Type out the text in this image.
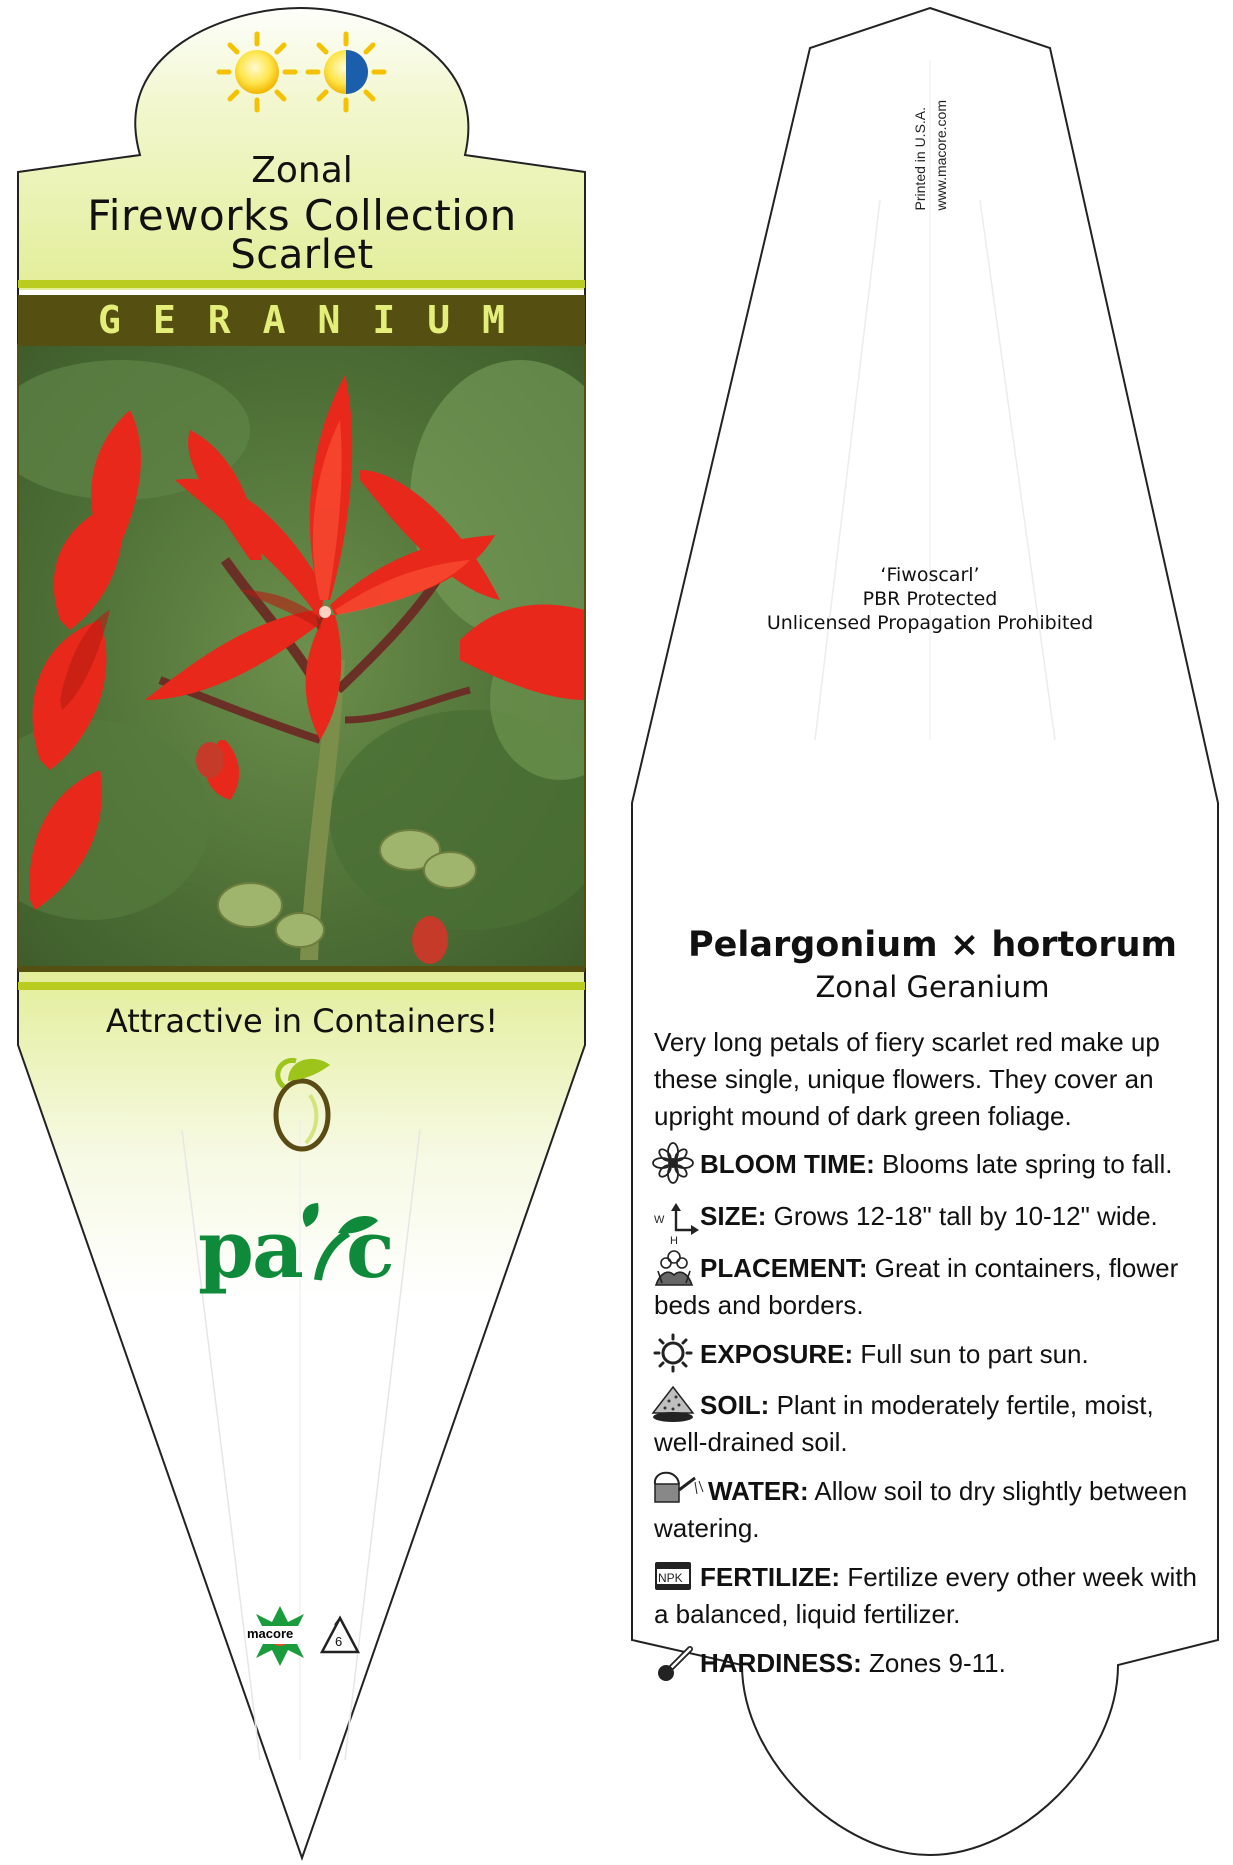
pa c	W
H
NPK
Zonal
Fireworks Collection
Scarlet
GERANIUM
Attractive in Containers!
macore
6
Printed in U.S.A. www.macore.com
‘Fiwoscarl’
PBR Protected
Unlicensed Propagation Prohibited
Pelargonium × hortorum
Zonal Geranium
Very long petals of fiery scarlet red make up these single, unique flowers. They cover an upright mound of dark green foliage.
BLOOM TIME: Blooms late spring to fall.
SIZE: Grows 12-18" tall by 10-12" wide.
PLACEMENT: Great in containers, flower beds and borders.
EXPOSURE: Full sun to part sun.
SOIL: Plant in moderately fertile, moist, well-drained soil.
WATER: Allow soil to dry slightly between watering.
FERTILIZE: Fertilize every other week with a balanced, liquid fertilizer.
HARDINESS: Zones 9-11.
